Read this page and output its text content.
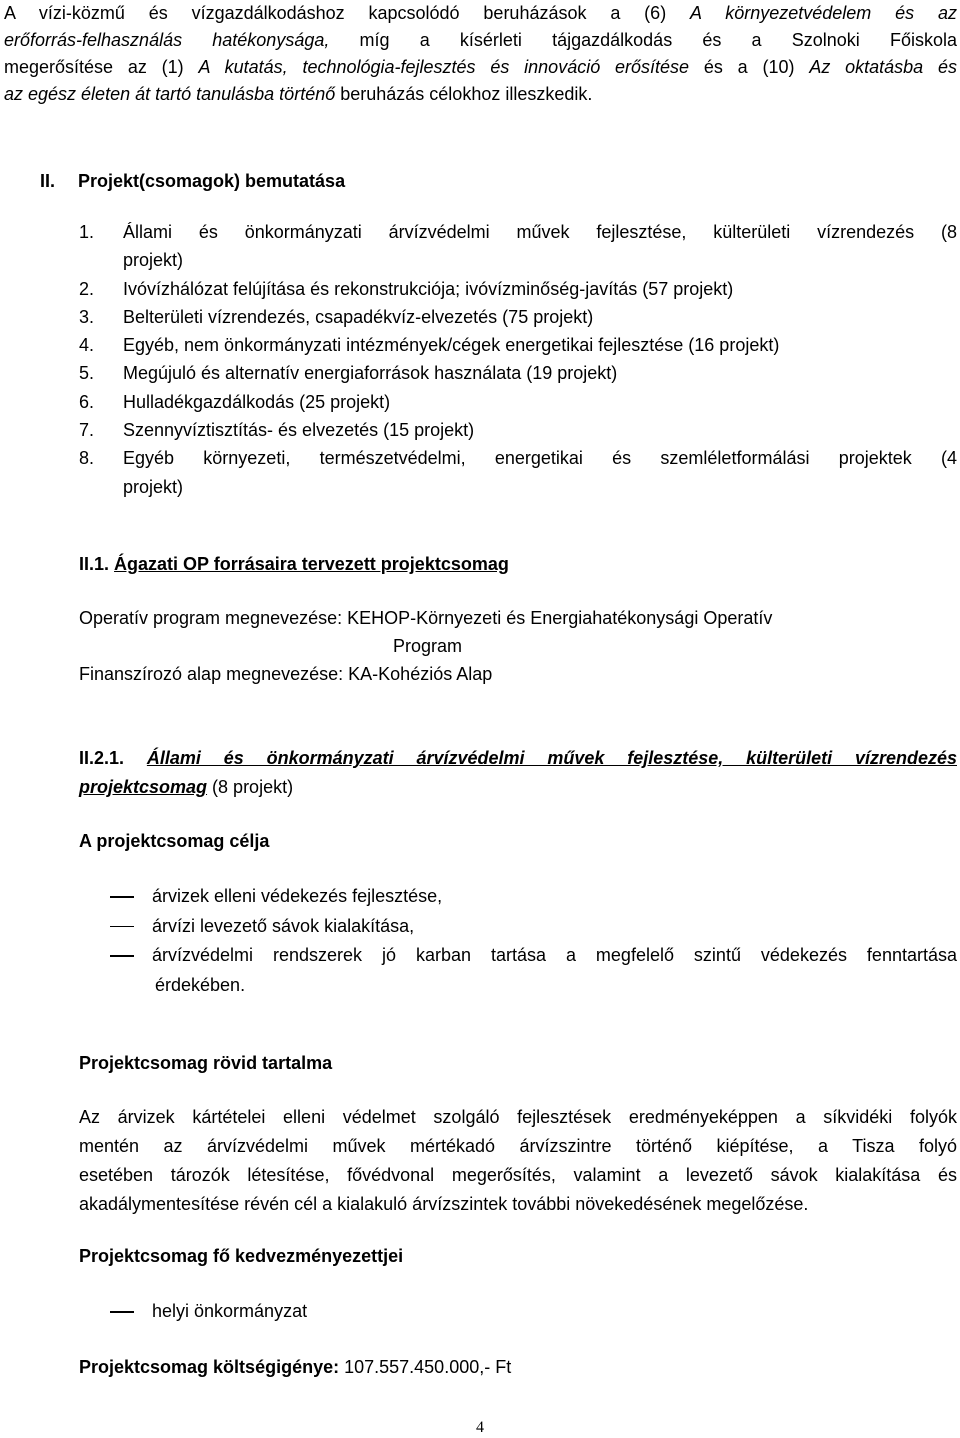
A vízi-közmű és vízgazdálkodáshoz kapcsolódó beruházások a (6) A környezetvédelem és az
erőforrás-felhasználás hatékonysága, míg a kísérleti tájgazdálkodás és a Szolnoki Főiskola
megerősítése az (1) A kutatás, technológia-fejlesztés és innováció erősítése és a (10) Az oktatásba és
az egész életen át tartó tanulásba történő beruházás célokhoz illeszkedik.
II. Projekt(csomagok) bemutatása
1. Állami és önkormányzati árvízvédelmi művek fejlesztése, külterületi vízrendezés (8
projekt)
2. Ivóvízhálózat felújítása és rekonstrukciója; ivóvízminőség-javítás (57 projekt)
3. Belterületi vízrendezés, csapadékvíz-elvezetés (75 projekt)
4. Egyéb, nem önkormányzati intézmények/cégek energetikai fejlesztése (16 projekt)
5. Megújuló és alternatív energiaforrások használata (19 projekt)
6. Hulladékgazdálkodás (25 projekt)
7. Szennyvíztisztítás- és elvezetés (15 projekt)
8. Egyéb környezeti, természetvédelmi, energetikai és szemléletformálási projektek (4
projekt)
II.1. Ágazati OP forrásaira tervezett projektcsomag
Operatív program megnevezése: KEHOP-Környezeti és Energiahatékonysági Operatív
Program
Finanszírozó alap megnevezése: KA-Kohéziós Alap
II.2.1. Állami és önkormányzati árvízvédelmi művek fejlesztése, külterületi vízrendezés
projektcsomag (8 projekt)
A projektcsomag célja
árvizek elleni védekezés fejlesztése,
árvízi levezető sávok kialakítása,
árvízvédelmi rendszerek jó karban tartása a megfelelő szintű védekezés fenntartása
érdekében.
Projektcsomag rövid tartalma
Az árvizek kártételei elleni védelmet szolgáló fejlesztések eredményeképpen a síkvidéki folyók
mentén az árvízvédelmi művek mértékadó árvízszintre történő kiépítése, a Tisza folyó
esetében tározók létesítése, fővédvonal megerősítés, valamint a levezető sávok kialakítása és
akadálymentesítése révén cél a kialakuló árvízszintek további növekedésének megelőzése.
Projektcsomag fő kedvezményezettjei
helyi önkormányzat
Projektcsomag költségigénye: 107.557.450.000,- Ft
4
